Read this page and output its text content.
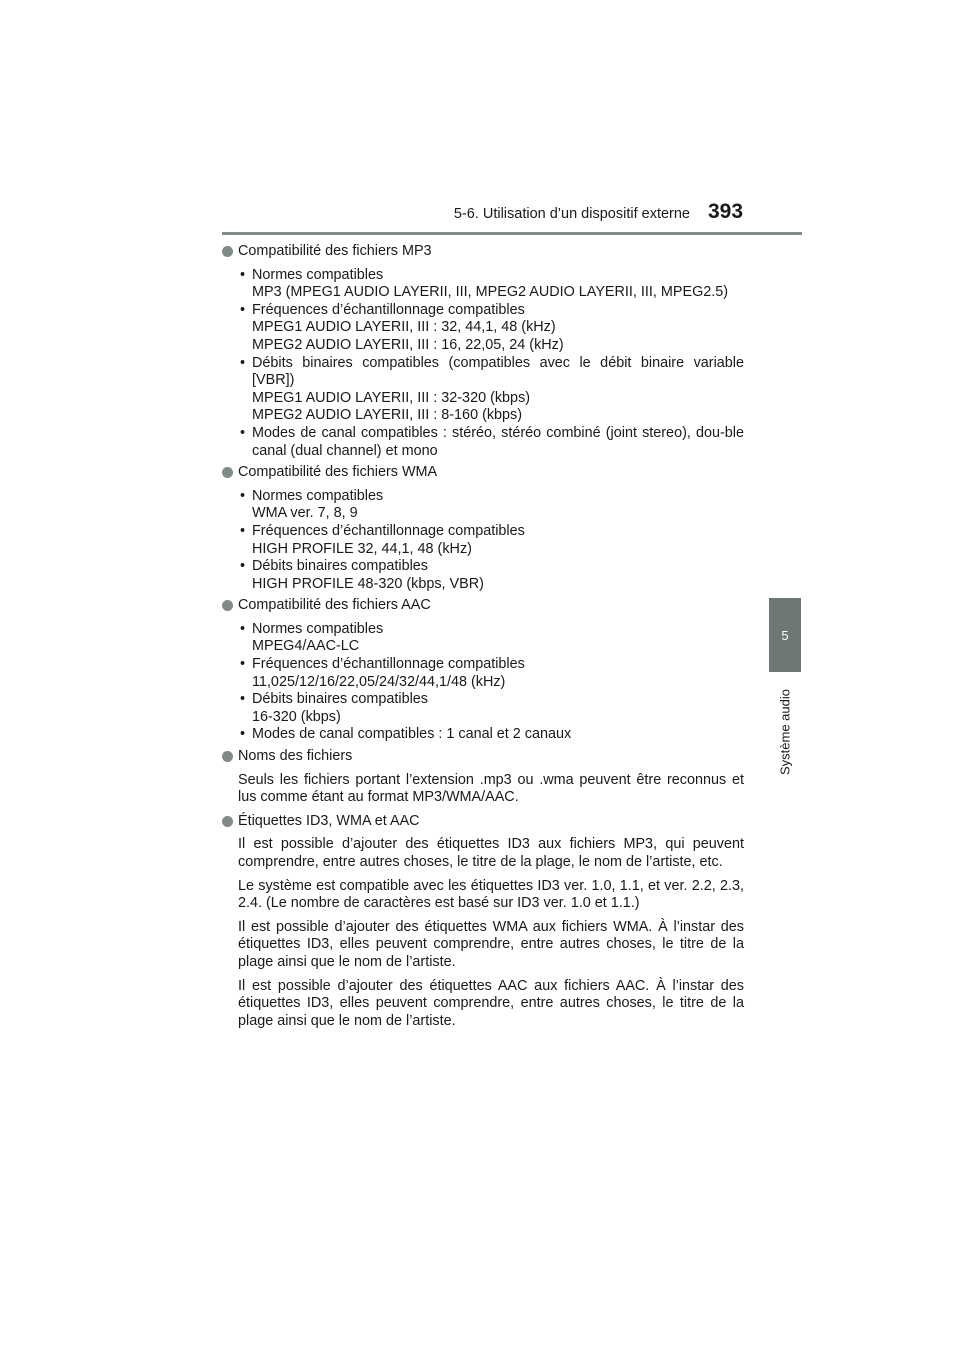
5-6. Utilisation d’un dispositif externe 393
5
Système audio
Compatibilité des fichiers MP3
• Normes compatibles
MP3 (MPEG1 AUDIO LAYERII, III, MPEG2 AUDIO LAYERII, III, MPEG2.5)
• Fréquences d’échantillonnage compatibles
MPEG1 AUDIO LAYERII, III : 32, 44,1, 48 (kHz)
MPEG2 AUDIO LAYERII, III : 16, 22,05, 24 (kHz)
• Débits binaires compatibles (compatibles avec le débit binaire variable [VBR])
MPEG1 AUDIO LAYERII, III : 32-320 (kbps)
MPEG2 AUDIO LAYERII, III : 8-160 (kbps)
• Modes de canal compatibles : stéréo, stéréo combiné (joint stereo), dou-ble canal (dual channel) et mono
Compatibilité des fichiers WMA
• Normes compatibles
WMA ver. 7, 8, 9
• Fréquences d’échantillonnage compatibles
HIGH PROFILE 32, 44,1, 48 (kHz)
• Débits binaires compatibles
HIGH PROFILE 48-320 (kbps, VBR)
Compatibilité des fichiers AAC
• Normes compatibles
MPEG4/AAC-LC
• Fréquences d’échantillonnage compatibles
11,025/12/16/22,05/24/32/44,1/48 (kHz)
• Débits binaires compatibles
16-320 (kbps)
• Modes de canal compatibles : 1 canal et 2 canaux
Noms des fichiers
Seuls les fichiers portant l’extension .mp3 ou .wma peuvent être reconnus et lus comme étant au format MP3/WMA/AAC.
Étiquettes ID3, WMA et AAC
Il est possible d’ajouter des étiquettes ID3 aux fichiers MP3, qui peuvent comprendre, entre autres choses, le titre de la plage, le nom de l’artiste, etc.
Le système est compatible avec les étiquettes ID3 ver. 1.0, 1.1, et ver. 2.2, 2.3, 2.4. (Le nombre de caractères est basé sur ID3 ver. 1.0 et 1.1.)
Il est possible d’ajouter des étiquettes WMA aux fichiers WMA. À l’instar des étiquettes ID3, elles peuvent comprendre, entre autres choses, le titre de la plage ainsi que le nom de l’artiste.
Il est possible d’ajouter des étiquettes AAC aux fichiers AAC. À l’instar des étiquettes ID3, elles peuvent comprendre, entre autres choses, le titre de la plage ainsi que le nom de l’artiste.
